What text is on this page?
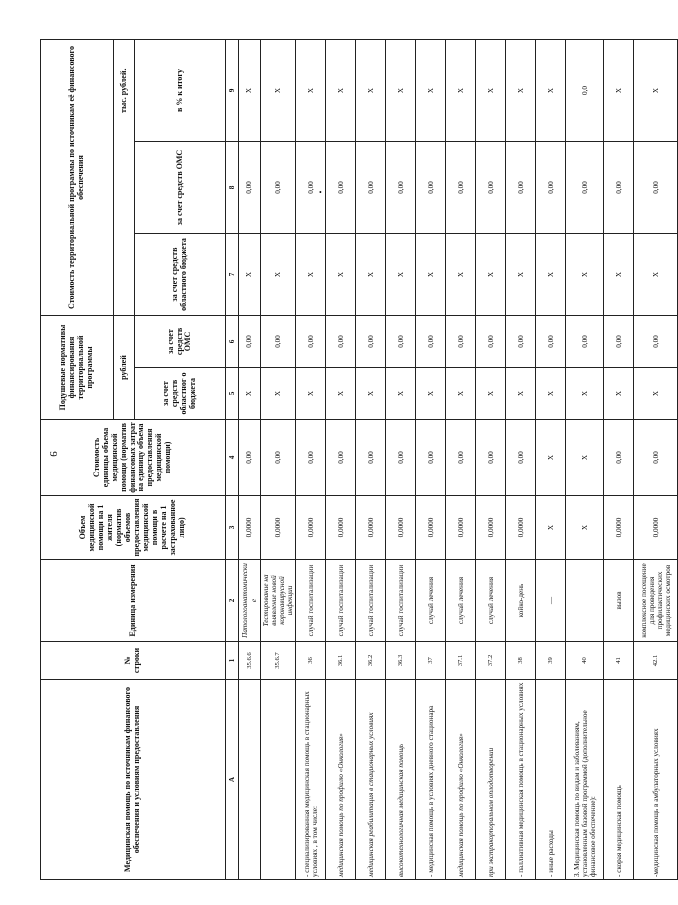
9
•
Медицинская помощь по источникам финансового обеспечения и условиям предоставления	№ строки	Единица измерения	Объем медицинской помощи на 1 жителя (норматив объемов предоставления медицинской помощи в расчете на 1 застрахованное лицо)	Стоимость единицы объема медицинской помощи (норматив финансовых затрат на единицу объема предоставления медицинской помощи)	Подушевые нормативы финансирования территориальной программы		Стоимость территориальной программы по источникам её финансового обеспечения		
					рублей				тыс. рублей.
					за счет средств областног о бюджета	за счет средств ОМС	за счет средств областного бюджета	за счет средств ОМС	в % к итогу
А	1	2	3	4	5	6	7	8	9
	35.6.6	Патологоанатомические	0,0000	0,00	X	0,00	X	0,00	X
	35.6.7	Тестирование на выявление новой коронавирусной инфекции	0,0000	0,00	X	0,00	X	0,00	X
- специализированная медицинская помощь в стационарных условиях , в том числе:	36	случай госпитализации	0,0000	0,00	X	0,00	X	0,00	X
медицинская помощь по профилю «Онкология»	36.1	случай госпитализации	0,0000	0,00	X	0,00	X	0,00	X
медицинская реабилитация в стационарных условиях	36.2	случай госпитализации	0,0000	0,00	X	0,00	X	0,00	X
высокотехнологичная медицинская помощь	36.3	случай госпитализации	0,0000	0,00	X	0,00	X	0,00	X
- медицинская помощь в условиях дневного стационара	37	случай лечения	0,0000	0,00	X	0,00	X	0,00	X
медицинская помощь по профилю «Онкология»	37.1	случай лечения	0,0000	0,00	X	0,00	X	0,00	X
при экстракорпоральном оплодотворении	37.2	случай лечения	0,0000	0,00	X	0,00	X	0,00	X
- паллиативная медицинская помощь в стационарных условиях	38	койко-день	0,0000	0,00	X	0,00	X	0,00	X
- иные расходы	39	—	X	X	X	0,00	X	0,00	X
3. Медицинская помощь по видам и заболеваниям, установленным базовой программой (дополнительное финансовое обеспечение):	40		X	X	X	0,00	X	0,00	0,0
- скорая медицинская помощь	41	вызов	0,0000	0,00	X	0,00	X	0,00	X
-медицинская помощь в амбулаторных условиях	42.1	комплексное посещение для проведения профилактических медицинских осмотров	0,0000	0,00	X	0,00	X	0,00	X
